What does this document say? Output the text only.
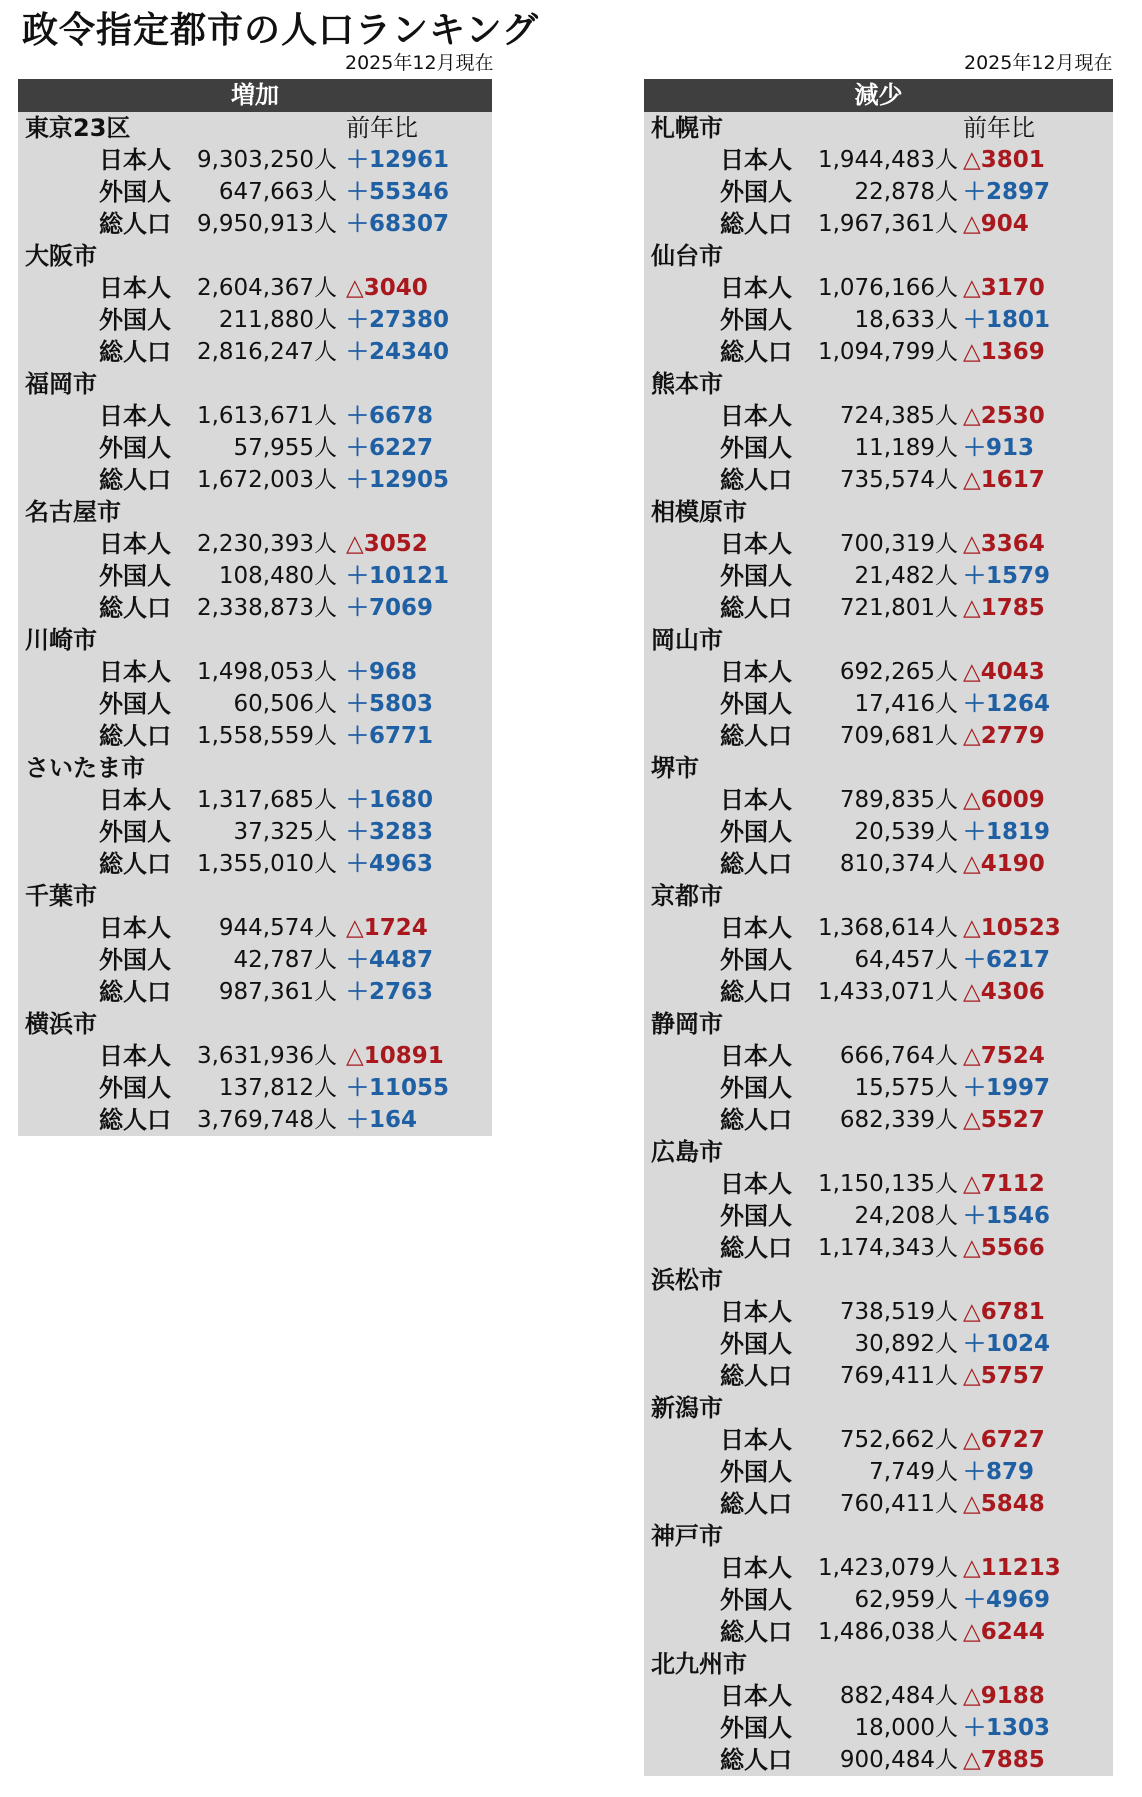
政令指定都市の人口ランキング
2025年12月現在	2025年12月現在
増加
東京23区	前年比
日本人	9,303,250人 ＋12961
外国人	647,663人 ＋55346
総人口	9,950,913人 ＋68307
大阪市
日本人	2,604,367人 △3040
外国人	211,880人 ＋27380
総人口	2,816,247人 ＋24340
福岡市
日本人	1,613,671人 ＋6678
外国人	57,955人 ＋6227
総人口	1,672,003人 ＋12905
名古屋市
日本人	2,230,393人 △3052
外国人	108,480人 ＋10121
総人口	2,338,873人 ＋7069
川崎市
日本人	1,498,053人 ＋968
外国人	60,506人 ＋5803
総人口	1,558,559人 ＋6771
さいたま市
日本人	1,317,685人 ＋1680
外国人	37,325人 ＋3283
総人口	1,355,010人 ＋4963
千葉市
日本人	944,574人 △1724
外国人	42,787人 ＋4487
総人口	987,361人 ＋2763
横浜市
日本人	3,631,936人 △10891
外国人	137,812人 ＋11055
総人口	3,769,748人 ＋164
減少
札幌市	前年比
日本人	1,944,483人 △3801
外国人	22,878人 ＋2897
総人口	1,967,361人 △904
仙台市
日本人	1,076,166人 △3170
外国人	18,633人 ＋1801
総人口	1,094,799人 △1369
熊本市
日本人	724,385人 △2530
外国人	11,189人 ＋913
総人口	735,574人 △1617
相模原市
日本人	700,319人 △3364
外国人	21,482人 ＋1579
総人口	721,801人 △1785
岡山市
日本人	692,265人 △4043
外国人	17,416人 ＋1264
総人口	709,681人 △2779
堺市
日本人	789,835人 △6009
外国人	20,539人 ＋1819
総人口	810,374人 △4190
京都市
日本人	1,368,614人 △10523
外国人	64,457人 ＋6217
総人口	1,433,071人 △4306
静岡市
日本人	666,764人 △7524
外国人	15,575人 ＋1997
総人口	682,339人 △5527
広島市
日本人	1,150,135人 △7112
外国人	24,208人 ＋1546
総人口	1,174,343人 △5566
浜松市
日本人	738,519人 △6781
外国人	30,892人 ＋1024
総人口	769,411人 △5757
新潟市
日本人	752,662人 △6727
外国人	7,749人 ＋879
総人口	760,411人 △5848
神戸市
日本人	1,423,079人 △11213
外国人	62,959人 ＋4969
総人口	1,486,038人 △6244
北九州市
日本人	882,484人 △9188
外国人	18,000人 ＋1303
総人口	900,484人 △7885
